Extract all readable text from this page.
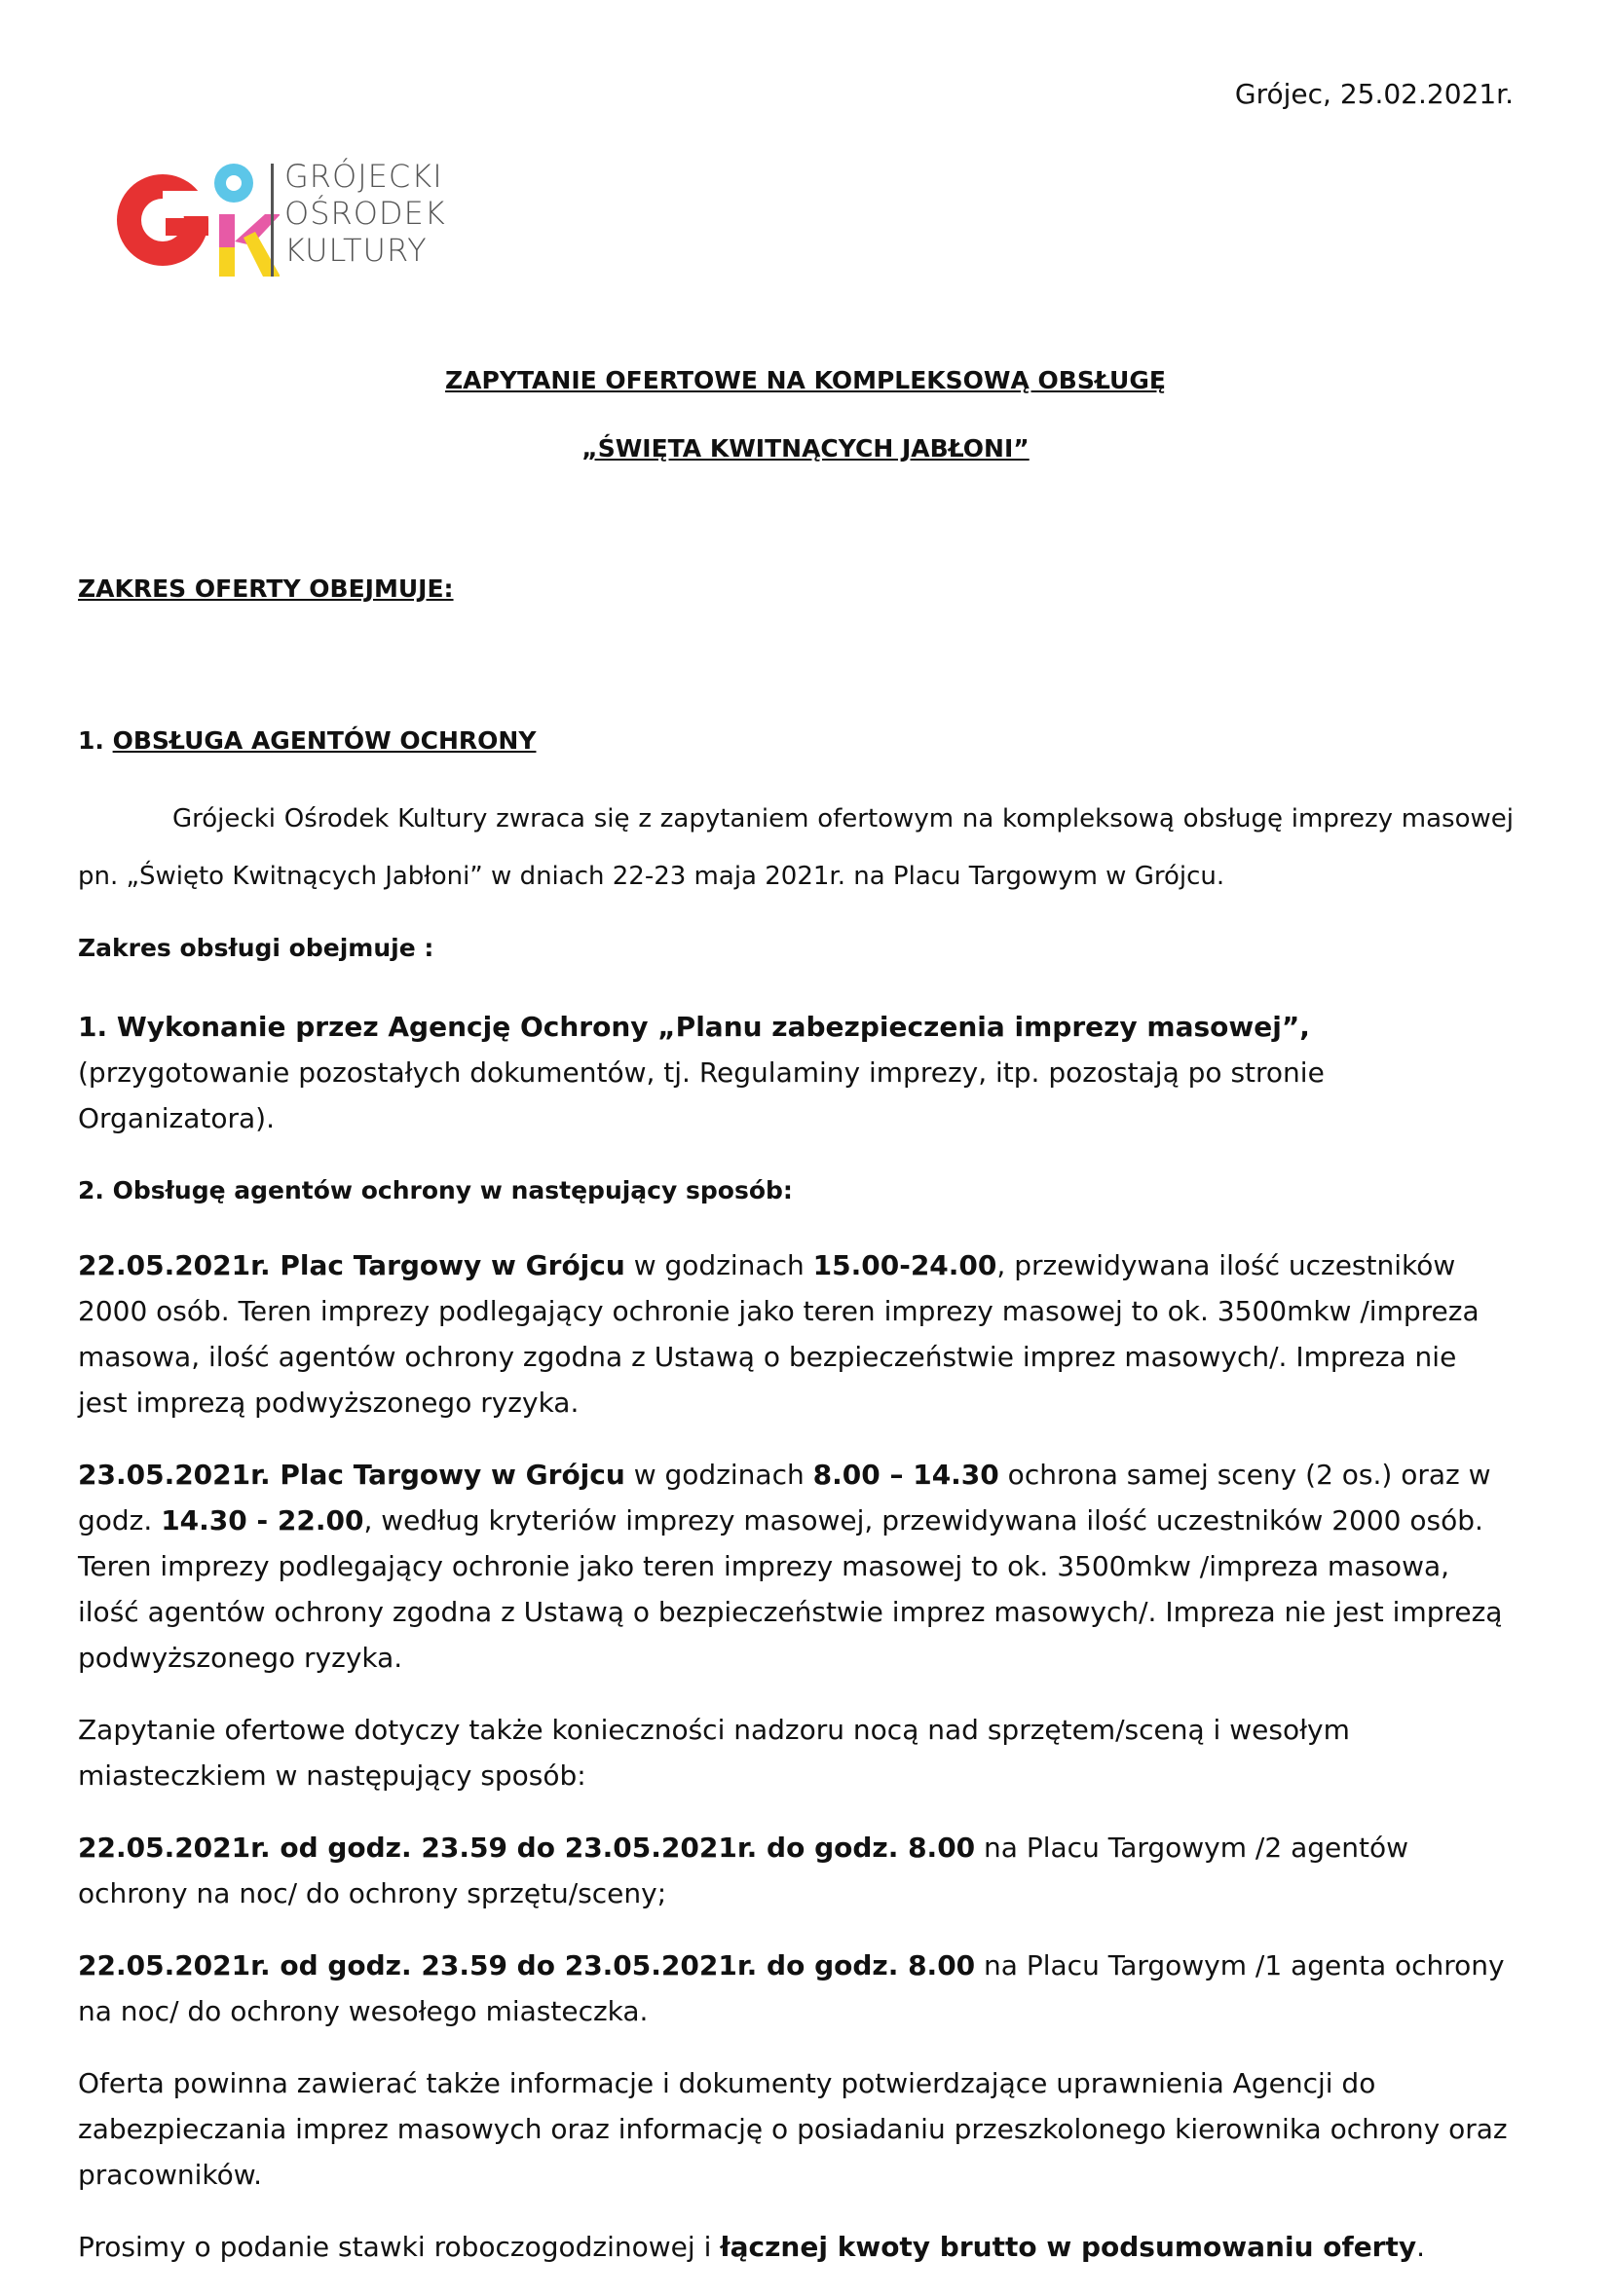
Grójec, 25.02.2021r.
GRÓJECKI
OŚRODEK
KULTURY
ZAPYTANIE OFERTOWE NA KOMPLEKSOWĄ OBSŁUGĘ
„ŚWIĘTA KWITNĄCYCH JABŁONI”
ZAKRES OFERTY OBEJMUJE:
1. OBSŁUGA AGENTÓW OCHRONY

Grójecki Ośrodek Kultury zwraca się z zapytaniem ofertowym na kompleksową obsługę imprezy masowej pn. „Święto Kwitnących Jabłoni” w dniach 22-23 maja 2021r. na Placu Targowym w Grójcu.

Zakres obsługi obejmuje :

1. Wykonanie przez Agencję Ochrony „Planu zabezpieczenia imprezy masowej”, (przygotowanie pozostałych dokumentów, tj. Regulaminy imprezy, itp. pozostają po stronie Organizatora).

2. Obsługę agentów ochrony w następujący sposób:

22.05.2021r. Plac Targowy w Grójcu w godzinach 15.00-24.00, przewidywana ilość uczestników 2000 osób. Teren imprezy podlegający ochronie jako teren imprezy masowej to ok. 3500mkw /impreza masowa, ilość agentów ochrony zgodna z Ustawą o bezpieczeństwie imprez masowych/. Impreza nie jest imprezą podwyższonego ryzyka.

23.05.2021r. Plac Targowy w Grójcu w godzinach 8.00 – 14.30 ochrona samej sceny (2 os.) oraz w godz. 14.30 - 22.00, według kryteriów imprezy masowej, przewidywana ilość uczestników 2000 osób. Teren imprezy podlegający ochronie jako teren imprezy masowej to ok. 3500mkw /impreza masowa, ilość agentów ochrony zgodna z Ustawą o bezpieczeństwie imprez masowych/. Impreza nie jest imprezą podwyższonego ryzyka.

Zapytanie ofertowe dotyczy także konieczności nadzoru nocą nad sprzętem/sceną i wesołym miasteczkiem w następujący sposób:

22.05.2021r. od godz. 23.59 do 23.05.2021r. do godz. 8.00 na Placu Targowym /2 agentów ochrony na noc/ do ochrony sprzętu/sceny;

22.05.2021r. od godz. 23.59 do 23.05.2021r. do godz. 8.00 na Placu Targowym /1 agenta ochrony na noc/ do ochrony wesołego miasteczka.

Oferta powinna zawierać także informacje i dokumenty potwierdzające uprawnienia Agencji do zabezpieczania imprez masowych oraz informację o posiadaniu przeszkolonego kierownika ochrony oraz pracowników.

Prosimy o podanie stawki roboczogodzinowej i łącznej kwoty brutto w podsumowaniu oferty.
